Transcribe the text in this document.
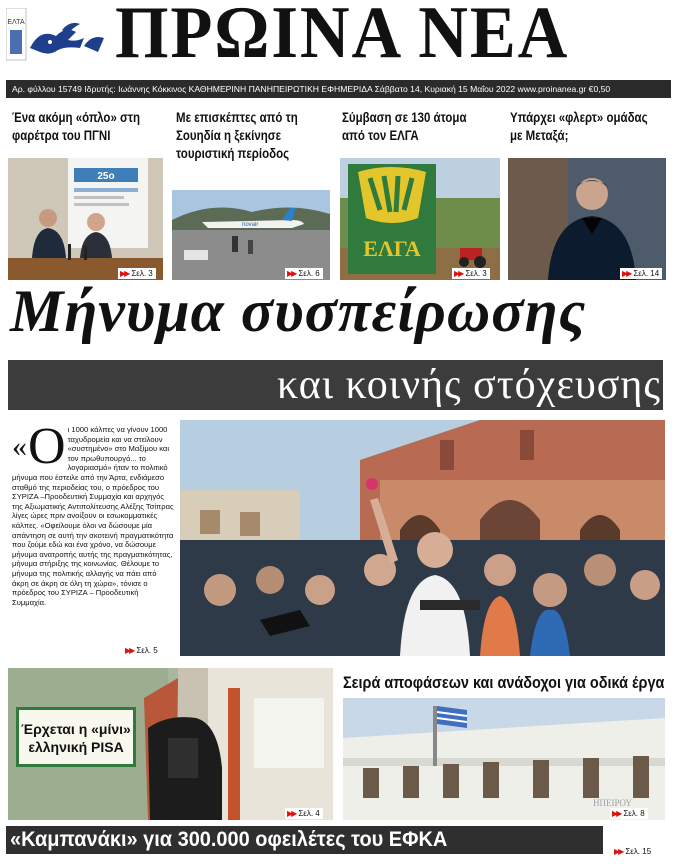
ΕΛΤΑ ΠΡΩΙΝΑ ΝΕΑ
Αρ. φύλλου 15749 Ιδρυτής: Ιωάννης Κόκκινος ΚΑΘΗΜΕΡΙΝΗ ΠΑΝΗΠΕΙΡΩΤΙΚΗ ΕΦΗΜΕΡΙΔΑ Σάββατο 14, Κυριακή 15 Μαΐου 2022 www.proinanea.gr €0,50
Ένα ακόμη «όπλο» στη φαρέτρα του ΠΓΝΙ
25ο
▶▶ Σελ. 3
Με επισκέπτες από τη Σουηδία η ξεκίνησε τουριστική περίοδος
novair
▶▶ Σελ. 6
Σύμβαση σε 130 άτομα από τον ΕΛΓΑ
ΕΛΓΑ
▶▶ Σελ. 3
Υπάρχει «φλερτ» ομάδας με Μεταξά;
▶▶ Σελ. 14
Μήνυμα συσπείρωσης
και κοινής στόχευσης
« Ο ι 1000 κάλπες να γίνουν 1000 ταχυδρομεία και να στείλουν «συστημένο» στο Μαξίμου και τον πρωθυπουργό... το λογαριασμό» ήταν το πολιτικό μήνυμα που έστειλε από την Άρτα, ενδιάμεσο σταθμό της περιοδείας του, ο πρόεδρος του ΣΥΡΙΖΑ –Προοδευτική Συμμαχία και αρχηγός της Αξιωματικής Αντιπολίτευσης Αλέξης Τσίπρας λίγες ώρες πριν ανοίξουν οι εσωκομματικές κάλπες. «Οφείλουμε όλοι να δώσουμε μία απάντηση σε αυτή την σκοτεινή πραγματικότητα που ζούμε εδώ και ένα χρόνο, να δώσουμε μήνυμα ανατροπής αυτής της πραγματικότητας, μήνυμα στήριξης της κοινωνίας. Θέλουμε το μήνυμα της πολιτικής αλλαγής να πάει από άκρη σε άκρη σε όλη τη χώρα», τόνισε ο πρόεδρος του ΣΥΡΙΖΑ – Προοδευτική Συμμαχία.
▶▶ Σελ. 5
Έρχεται η «μίνι» ελληνική PISA
▶▶ Σελ. 4
Σειρά αποφάσεων και ανάδοχοι για οδικά έργα
ΗΠΕΙΡΟΥ
▶▶ Σελ. 8
«Καμπανάκι» για 300.000 οφειλέτες του ΕΦΚΑ
▶▶ Σελ. 15
